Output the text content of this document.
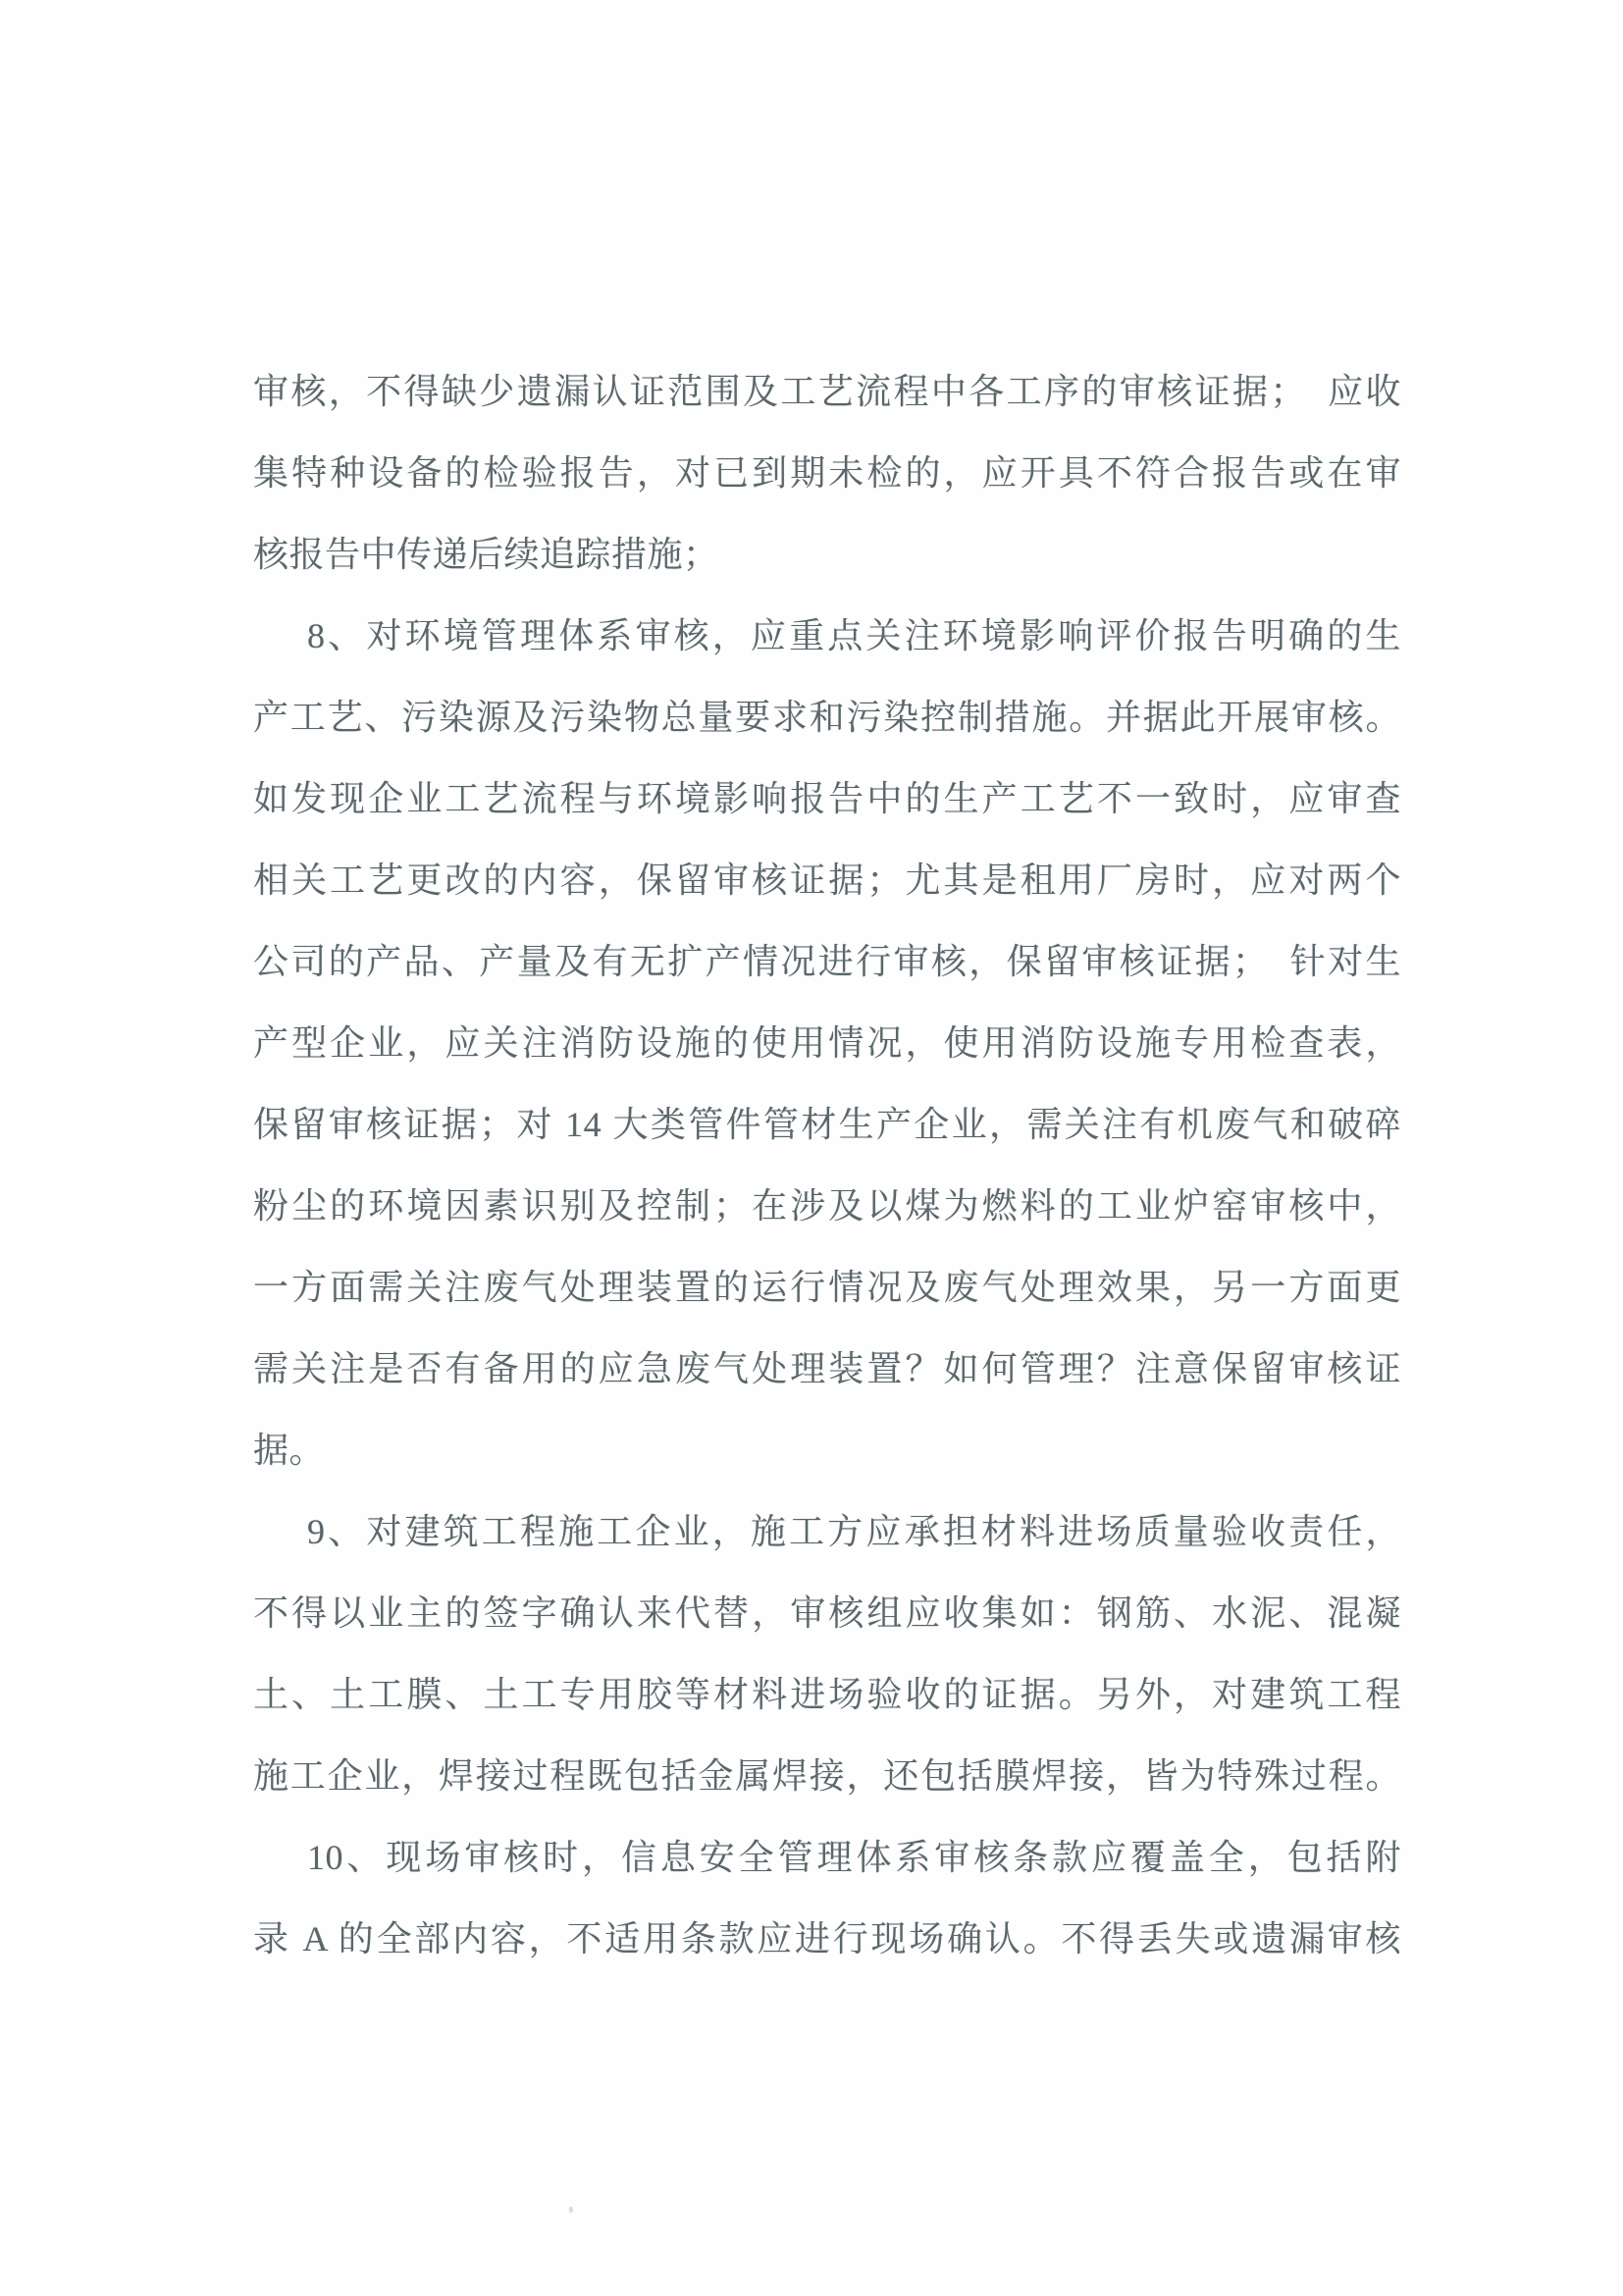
审核，不得缺少遗漏认证范围及工艺流程中各工序的审核证据；　应收
集特种设备的检验报告，对已到期未检的，应开具不符合报告或在审
核报告中传递后续追踪措施；
8、对环境管理体系审核，应重点关注环境影响评价报告明确的生
产工艺、污染源及污染物总量要求和污染控制措施。并据此开展审核。
如发现企业工艺流程与环境影响报告中的生产工艺不一致时，应审查
相关工艺更改的内容，保留审核证据；尤其是租用厂房时，应对两个
公司的产品、产量及有无扩产情况进行审核，保留审核证据；　针对生
产型企业，应关注消防设施的使用情况，使用消防设施专用检查表，
保留审核证据；对 14 大类管件管材生产企业，需关注有机废气和破碎
粉尘的环境因素识别及控制；在涉及以煤为燃料的工业炉窑审核中，
一方面需关注废气处理装置的运行情况及废气处理效果，另一方面更
需关注是否有备用的应急废气处理装置？如何管理？注意保留审核证
据。
9、对建筑工程施工企业，施工方应承担材料进场质量验收责任，
不得以业主的签字确认来代替，审核组应收集如：钢筋、水泥、混凝
土、土工膜、土工专用胶等材料进场验收的证据。另外，对建筑工程
施工企业，焊接过程既包括金属焊接，还包括膜焊接，皆为特殊过程。
10、现场审核时，信息安全管理体系审核条款应覆盖全，包括附
录 A 的全部内容，不适用条款应进行现场确认。不得丢失或遗漏审核
